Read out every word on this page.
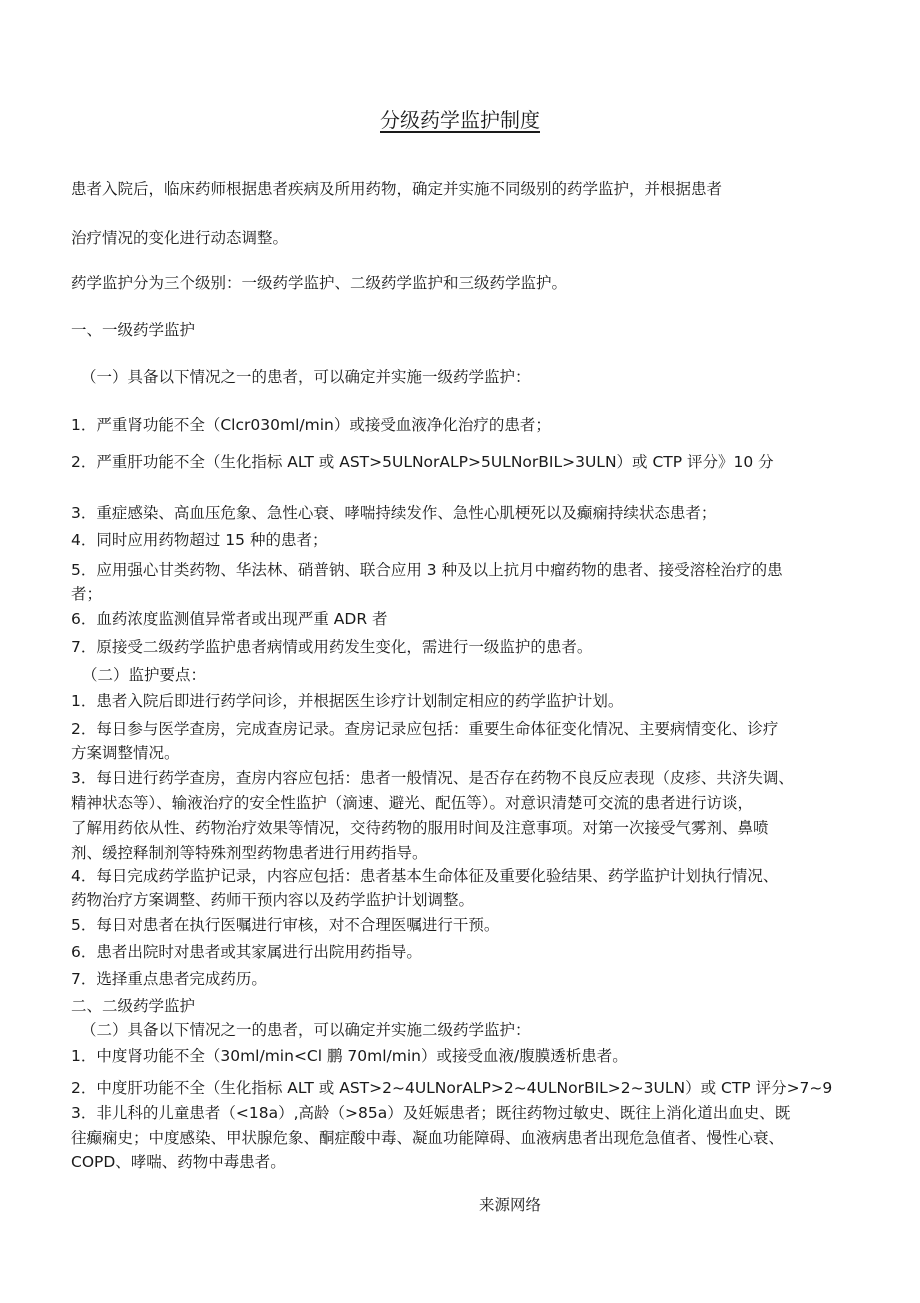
分级药学监护制度
患者入院后，临床药师根据患者疾病及所用药物，确定并实施不同级别的药学监护，并根据患者
治疗情况的变化进行动态调整。
药学监护分为三个级别：一级药学监护、二级药学监护和三级药学监护。
一、一级药学监护
（一）具备以下情况之一的患者，可以确定并实施一级药学监护：
1．严重肾功能不全（Clcr030ml/min）或接受血液净化治疗的患者；
2．严重肝功能不全（生化指标 ALT 或 AST>5ULNorALP>5ULNorBIL>3ULN）或 CTP 评分》10 分
3．重症感染、高血压危象、急性心衰、哮喘持续发作、急性心肌梗死以及癫痫持续状态患者；
4．同时应用药物超过 15 种的患者；
5．应用强心甘类药物、华法林、硝普钠、联合应用 3 种及以上抗月中瘤药物的患者、接受溶栓治疗的患
者；
6．血药浓度监测值异常者或出现严重 ADR 者
7．原接受二级药学监护患者病情或用药发生变化，需进行一级监护的患者。
（二）监护要点：
1．患者入院后即进行药学问诊，并根据医生诊疗计划制定相应的药学监护计划。
2．每日参与医学查房，完成查房记录。查房记录应包括：重要生命体征变化情况、主要病情变化、诊疗
方案调整情况。
3．每日进行药学查房，查房内容应包括：患者一般情况、是否存在药物不良反应表现（皮疹、共济失调、
精神状态等）、输液治疗的安全性监护（滴速、避光、配伍等）。对意识清楚可交流的患者进行访谈，
了解用药依从性、药物治疗效果等情况，交待药物的服用时间及注意事项。对第一次接受气雾剂、鼻喷
剂、缓控释制剂等特殊剂型药物患者进行用药指导。
4．每日完成药学监护记录，内容应包括：患者基本生命体征及重要化验结果、药学监护计划执行情况、
药物治疗方案调整、药师干预内容以及药学监护计划调整。
5．每日对患者在执行医嘱进行审核，对不合理医嘱进行干预。
6．患者出院时对患者或其家属进行出院用药指导。
7．选择重点患者完成药历。
二、二级药学监护
（二）具备以下情况之一的患者，可以确定并实施二级药学监护：
1．中度肾功能不全（30ml/min<Cl 鹏 70ml/min）或接受血液/腹膜透析患者。
2．中度肝功能不全（生化指标 ALT 或 AST>2~4ULNorALP>2~4ULNorBIL>2~3ULN）或 CTP 评分>7~9
3．非儿科的儿童患者（<18a）,高龄（>85a）及妊娠患者；既往药物过敏史、既往上消化道出血史、既
往癫痫史；中度感染、甲状腺危象、酮症酸中毒、凝血功能障碍、血液病患者出现危急值者、慢性心衰、
COPD、哮喘、药物中毒患者。
来源网络
